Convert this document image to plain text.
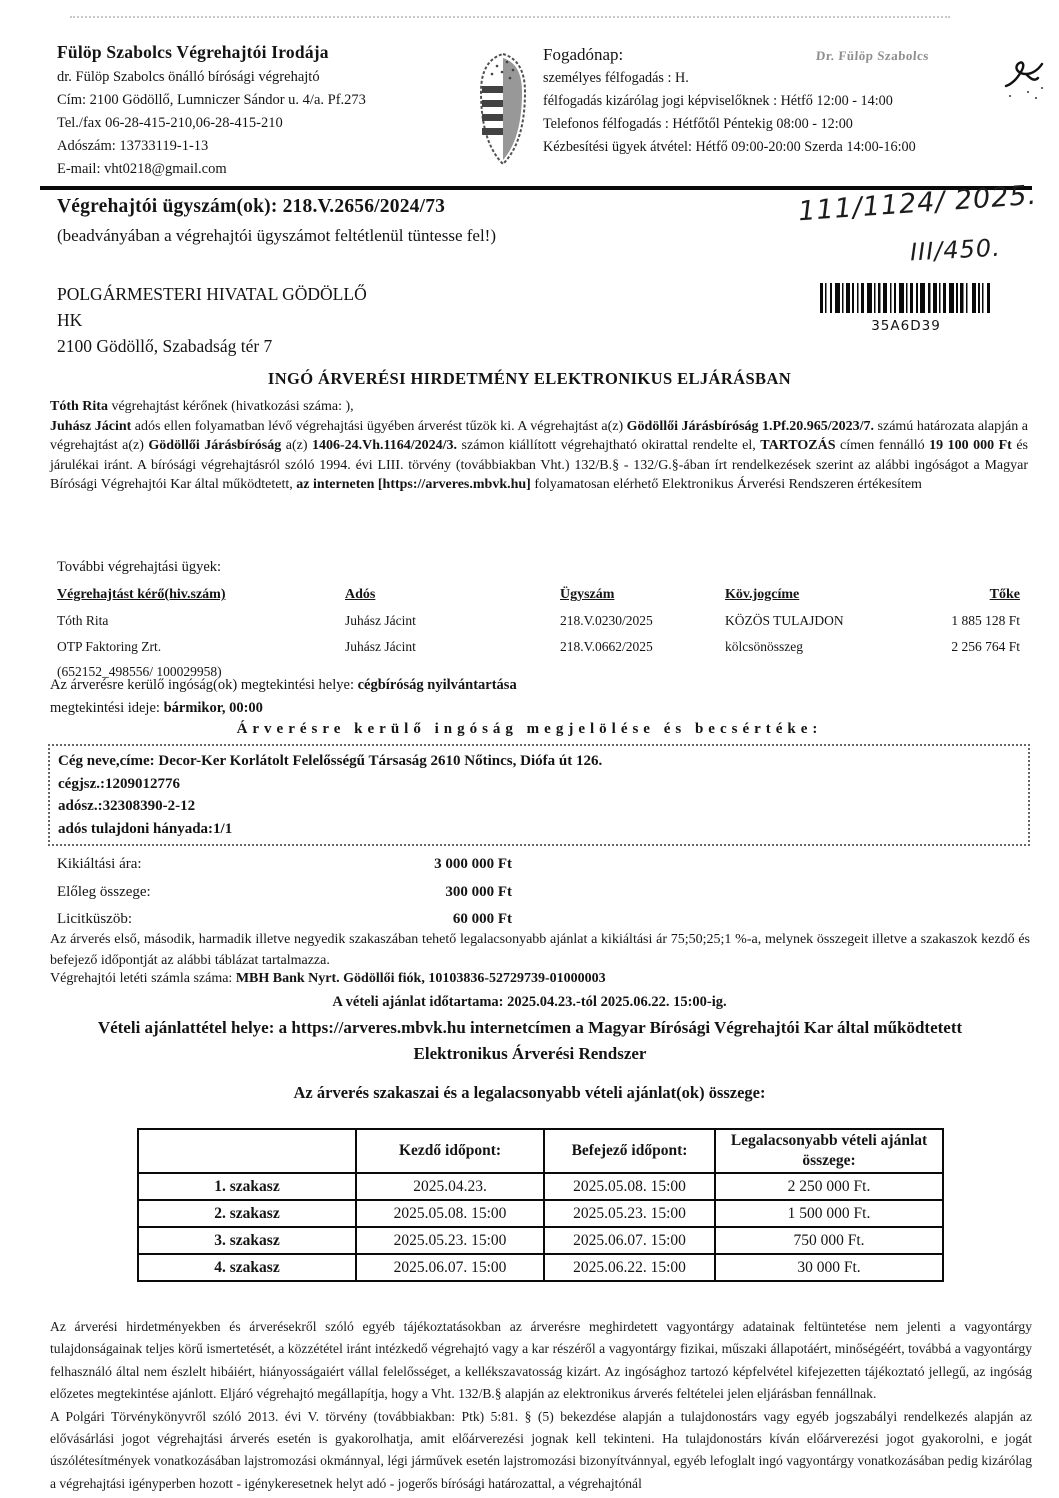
Fülöp Szabolcs Végrehajtói Irodája
dr. Fülöp Szabolcs önálló bírósági végrehajtó
Cím: 2100 Gödöllő, Lumniczer Sándor u. 4/a. Pf.273
Tel./fax 06-28-415-210,06-28-415-210
Adószám: 13733119-1-13
E-mail: vht0218@gmail.com
Fogadónap:
személyes félfogadás : H.
félfogadás kizárólag jogi képviselőknek : Hétfő 12:00 - 14:00
Telefonos félfogadás : Hétfőtől Péntekig 08:00 - 12:00
Kézbesítési ügyek átvétel: Hétfő 09:00-20:00 Szerda 14:00-16:00
Dr. Fülöp Szabolcs
Végrehajtói ügyszám(ok): 218.V.2656/2024/73
(beadványában a végrehajtói ügyszámot feltétlenül tüntesse fel!)
111/1124/ 2025.
III/450.
POLGÁRMESTERI HIVATAL GÖDÖLLŐ
HK
2100 Gödöllő, Szabadság tér 7
35A6D39
INGÓ ÁRVERÉSI HIRDETMÉNY ELEKTRONIKUS ELJÁRÁSBAN

Tóth Rita végrehajtást kérőnek (hivatkozási száma: ),

Juhász Jácint adós ellen folyamatban lévő végrehajtási ügyében árverést tűzök ki. A végrehajtást a(z) Gödöllői Járásbíróság 1.Pf.20.965/2023/7. számú határozata alapján a végrehajtást a(z) Gödöllői Járásbíróság a(z) 1406-24.Vh.1164/2024/3. számon kiállított végrehajtható okirattal rendelte el, TARTOZÁS címen fennálló 19 100 000 Ft és járulékai iránt. A bírósági végrehajtásról szóló 1994. évi LIII. törvény (továbbiakban Vht.) 132/B.§ - 132/G.§-ában írt rendelkezések szerint az alábbi ingóságot a Magyar Bírósági Végrehajtói Kar által működtetett, az interneten [https://arveres.mbvk.hu] folyamatosan elérhető Elektronikus Árverési Rendszeren értékesítem

További végrehajtási ügyek:
Végrehajtást kérő(hiv.szám)	Adós	Ügyszám	Köv.jogcíme	Tőke
Tóth Rita	Juhász Jácint	218.V.0230/2025	KÖZÖS TULAJDON	1 885 128 Ft
OTP Faktoring Zrt.	Juhász Jácint	218.V.0662/2025	kölcsönösszeg	2 256 764 Ft
(652152_498556/ 100029958)
Az árverésre kerülő ingóság(ok) megtekintési helye: cégbíróság nyilvántartása
megtekintési ideje: bármikor, 00:00
Árverésre kerülő ingóság megjelölése és becsértéke:
Cég neve,címe: Decor-Ker Korlátolt Felelősségű Társaság 2610 Nőtincs, Diófa út 126.
cégjsz.:1209012776
adósz.:32308390-2-12
adós tulajdoni hányada:1/1
Kikiáltási ára:	3 000 000 Ft
Előleg összege:	300 000 Ft
Licitküszöb:	60 000 Ft
Az árverés első, második, harmadik illetve negyedik szakaszában tehető legalacsonyabb ajánlat a kikiáltási ár 75;50;25;1 %-a, melynek összegeit illetve a szakaszok kezdő és befejező időpontját az alábbi táblázat tartalmazza.
Végrehajtói letéti számla száma: MBH Bank Nyrt. Gödöllői fiók, 10103836-52729739-01000003
A vételi ajánlat időtartama: 2025.04.23.-tól 2025.06.22. 15:00-ig.
Vételi ajánlattétel helye: a https://arveres.mbvk.hu internetcímen a Magyar Bírósági Végrehajtói Kar által működtetett Elektronikus Árverési Rendszer
Az árverés szakaszai és a legalacsonyabb vételi ajánlat(ok) összege:
	Kezdő időpont:	Befejező időpont:	Legalacsonyabb vételi ajánlat összege:
1. szakasz	2025.04.23.	2025.05.08. 15:00	2 250 000 Ft.
2. szakasz	2025.05.08. 15:00	2025.05.23. 15:00	1 500 000 Ft.
3. szakasz	2025.05.23. 15:00	2025.06.07. 15:00	750 000 Ft.
4. szakasz	2025.06.07. 15:00	2025.06.22. 15:00	30 000 Ft.

Az árverési hirdetményekben és árverésekről szóló egyéb tájékoztatásokban az árverésre meghirdetett vagyontárgy adatainak feltüntetése nem jelenti a vagyontárgy tulajdonságainak teljes körű ismertetését, a közzététel iránt intézkedő végrehajtó vagy a kar részéről a vagyontárgy fizikai, műszaki állapotáért, minőségéért, továbbá a vagyontárgy felhasználó által nem észlelt hibáiért, hiányosságaiért vállal felelősséget, a kellékszavatosság kizárt. Az ingósághoz tartozó képfelvétel kifejezetten tájékoztató jellegű, az ingóság előzetes megtekintése ajánlott. Eljáró végrehajtó megállapítja, hogy a Vht. 132/B.§ alapján az elektronikus árverés feltételei jelen eljárásban fennállnak.

A Polgári Törvénykönyvről szóló 2013. évi V. törvény (továbbiakban: Ptk) 5:81. § (5) bekezdése alapján a tulajdonostárs vagy egyéb jogszabályi rendelkezés alapján az elővásárlási jogot végrehajtási árverés esetén is gyakorolhatja, amit előárverezési jognak kell tekinteni. Ha tulajdonostárs kíván előárverezési jogot gyakorolni, e jogát úszólétesítmények vonatkozásában lajstromozási okmánnyal, légi járművek esetén lajstromozási bizonyítvánnyal, egyéb lefoglalt ingó vagyontárgy vonatkozásában pedig kizárólag a végrehajtási igényperben hozott - igénykeresetnek helyt adó - jogerős bírósági határozattal, a végrehajtónál
